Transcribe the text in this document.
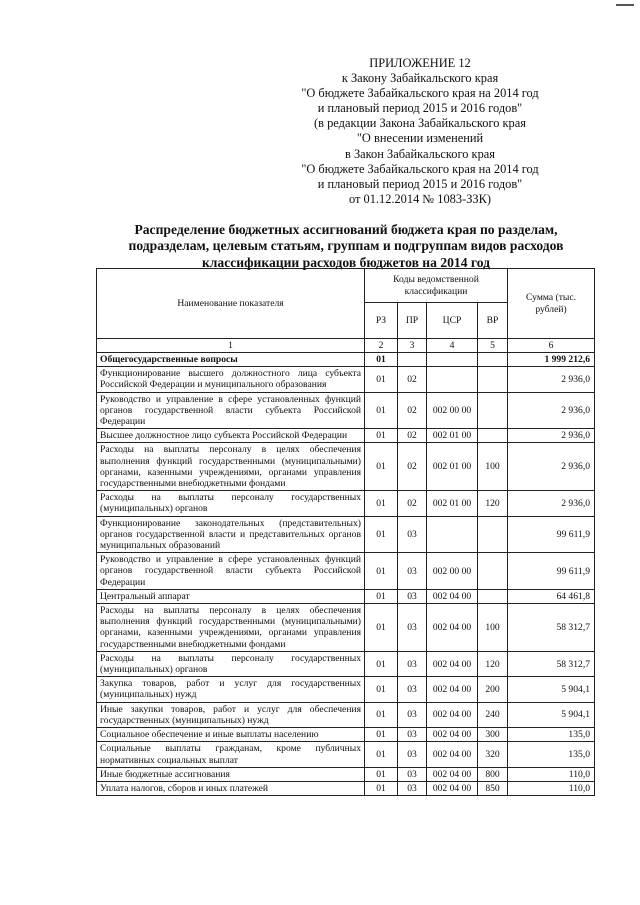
ПРИЛОЖЕНИЕ 12
к Закону Забайкальского края
"О бюджете Забайкальского края на 2014 год
и плановый период 2015 и 2016 годов"
(в редакции Закона Забайкальского края
"О внесении изменений
в Закон Забайкальского края
"О бюджете Забайкальского края на 2014 год
и плановый период 2015 и 2016 годов"
от 01.12.2014 № 1083-ЗЗК)
Распределение бюджетных ассигнований бюджета края по разделам,
подразделам, целевым статьям, группам и подгруппам видов расходов
классификации расходов бюджетов на 2014 год
Наименование показателя	Коды ведомственной классификации				Сумма (тыс. рублей)
	РЗ	ПР	ЦСР	ВР	
1	2	3	4	5	6
Общегосударственные вопросы	01				1 999 212,6
Функционирование высшего должностного лица субъекта Российской Федерации и муниципального образования	01	02			2 936,0
Руководство и управление в сфере установленных функций органов государственной власти субъекта Российской Федерации	01	02	002 00 00		2 936,0
Высшее должностное лицо субъекта Российской Федерации	01	02	002 01 00		2 936,0
Расходы на выплаты персоналу в целях обеспечения выполнения функций государственными (муниципальными) органами, казенными учреждениями, органами управления государственными внебюджетными фондами	01	02	002 01 00	100	2 936,0
Расходы на выплаты персоналу государственных (муниципальных) органов	01	02	002 01 00	120	2 936,0
Функционирование законодательных (представительных) органов государственной власти и представительных органов муниципальных образований	01	03			99 611,9
Руководство и управление в сфере установленных функций органов государственной власти субъекта Российской Федерации	01	03	002 00 00		99 611,9
Центральный аппарат	01	03	002 04 00		64 461,8
Расходы на выплаты персоналу в целях обеспечения выполнения функций государственными (муниципальными) органами, казенными учреждениями, органами управления государственными внебюджетными фондами	01	03	002 04 00	100	58 312,7
Расходы на выплаты персоналу государственных (муниципальных) органов	01	03	002 04 00	120	58 312,7
Закупка товаров, работ и услуг для государственных (муниципальных) нужд	01	03	002 04 00	200	5 904,1
Иные закупки товаров, работ и услуг для обеспечения государственных (муниципальных) нужд	01	03	002 04 00	240	5 904,1
Социальное обеспечение и иные выплаты населению	01	03	002 04 00	300	135,0
Социальные выплаты гражданам, кроме публичных нормативных социальных выплат	01	03	002 04 00	320	135,0
Иные бюджетные ассигнования	01	03	002 04 00	800	110,0
Уплата налогов, сборов и иных платежей	01	03	002 04 00	850	110,0
